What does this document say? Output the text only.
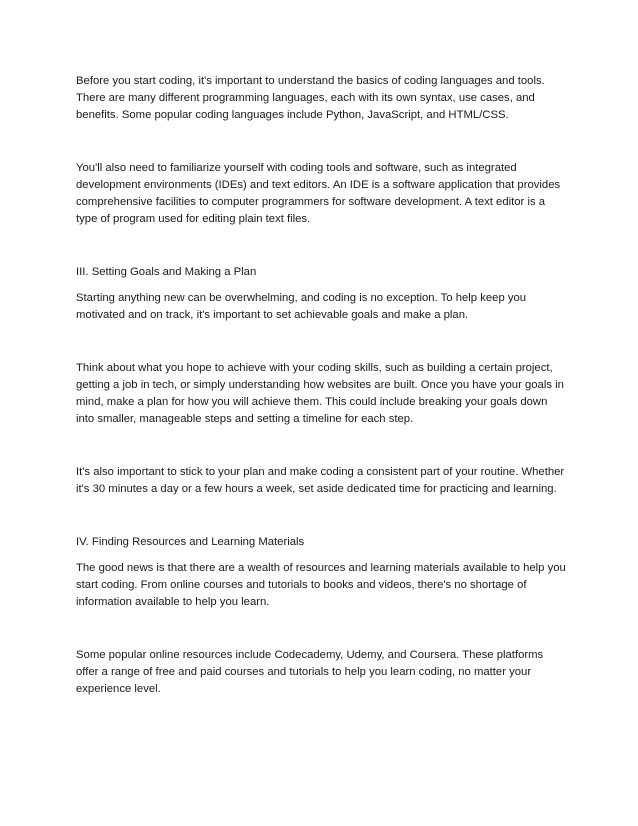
Before you start coding, it's important to understand the basics of coding languages and tools. There are many different programming languages, each with its own syntax, use cases, and benefits. Some popular coding languages include Python, JavaScript, and HTML/CSS.

You'll also need to familiarize yourself with coding tools and software, such as integrated development environments (IDEs) and text editors. An IDE is a software application that provides comprehensive facilities to computer programmers for software development. A text editor is a type of program used for editing plain text files.

III. Setting Goals and Making a Plan

Starting anything new can be overwhelming, and coding is no exception. To help keep you motivated and on track, it's important to set achievable goals and make a plan.

Think about what you hope to achieve with your coding skills, such as building a certain project, getting a job in tech, or simply understanding how websites are built. Once you have your goals in mind, make a plan for how you will achieve them. This could include breaking your goals down into smaller, manageable steps and setting a timeline for each step.

It's also important to stick to your plan and make coding a consistent part of your routine. Whether it's 30 minutes a day or a few hours a week, set aside dedicated time for practicing and learning.

IV. Finding Resources and Learning Materials

The good news is that there are a wealth of resources and learning materials available to help you start coding. From online courses and tutorials to books and videos, there's no shortage of information available to help you learn.

Some popular online resources include Codecademy, Udemy, and Coursera. These platforms offer a range of free and paid courses and tutorials to help you learn coding, no matter your experience level.
